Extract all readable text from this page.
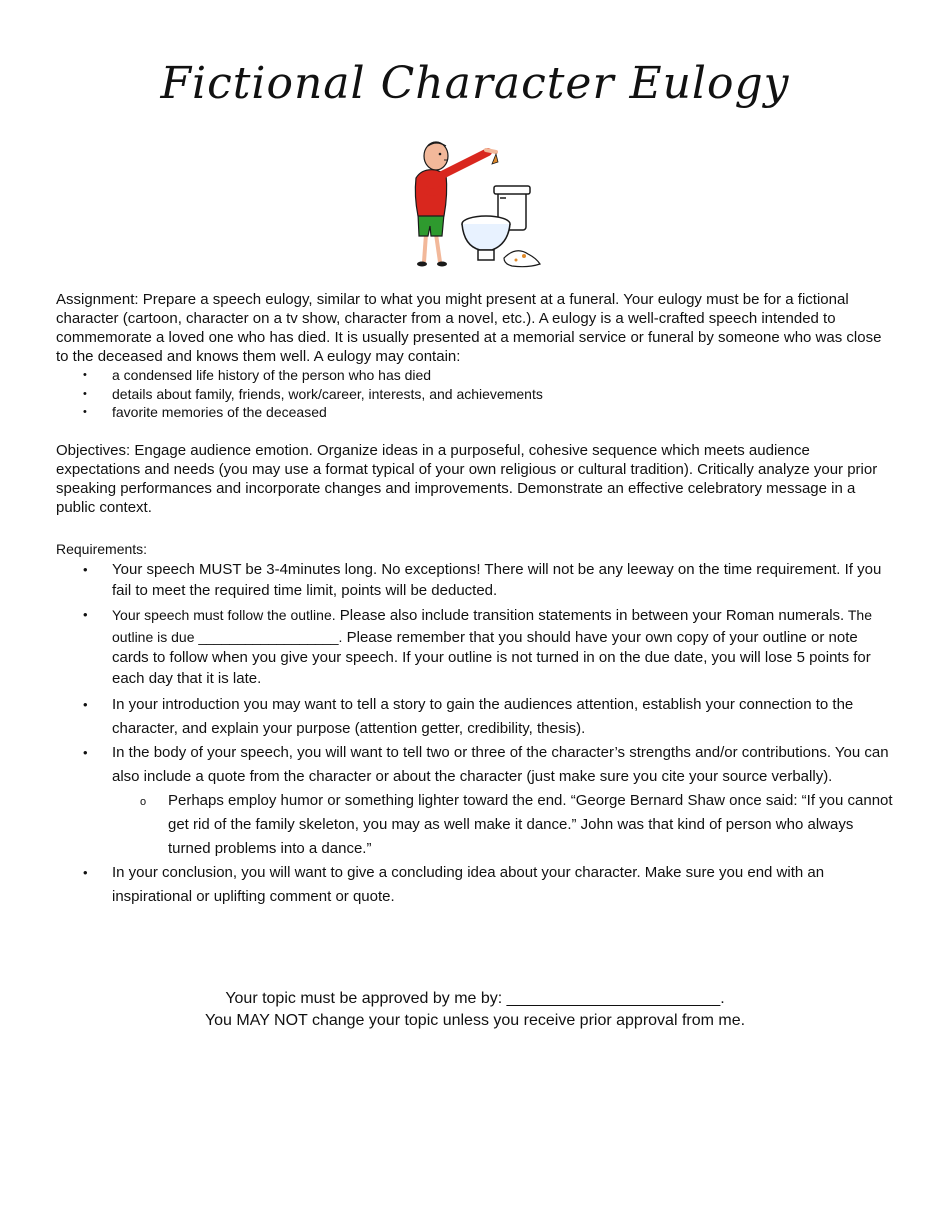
Fictional Character Eulogy
Assignment: Prepare a speech eulogy, similar to what you might present at a funeral. Your eulogy must be for a fictional character (cartoon, character on a tv show, character from a novel, etc.). A eulogy is a well-crafted speech intended to commemorate a loved one who has died. It is usually presented at a memorial service or funeral by someone who was close to the deceased and knows them well. A eulogy may contain:
• a condensed life history of the person who has died
• details about family, friends, work/career, interests, and achievements
• favorite memories of the deceased
Objectives: Engage audience emotion. Organize ideas in a purposeful, cohesive sequence which meets audience expectations and needs (you may use a format typical of your own religious or cultural tradition). Critically analyze your prior speaking performances and incorporate changes and improvements. Demonstrate an effective celebratory message in a public context.
Requirements:
• Your speech MUST be 3-4minutes long. No exceptions! There will not be any leeway on the time requirement. If you fail to meet the required time limit, points will be deducted.
• Your speech must follow the outline. Please also include transition statements in between your Roman numerals. The outline is due __________________. Please remember that you should have your own copy of your outline or note cards to follow when you give your speech. If your outline is not turned in on the due date, you will lose 5 points for each day that it is late.
• In your introduction you may want to tell a story to gain the audiences attention, establish your connection to the character, and explain your purpose (attention getter, credibility, thesis).
• In the body of your speech, you will want to tell two or three of the character’s strengths and/or contributions. You can also include a quote from the character or about the character (just make sure you cite your source verbally).
o Perhaps employ humor or something lighter toward the end. “George Bernard Shaw once said: “If you cannot get rid of the family skeleton, you may as well make it dance.” John was that kind of person who always turned problems into a dance.”
• In your conclusion, you will want to give a concluding idea about your character. Make sure you end with an inspirational or uplifting comment or quote.
Your topic must be approved by me by: ________________________.
You MAY NOT change your topic unless you receive prior approval from me.
